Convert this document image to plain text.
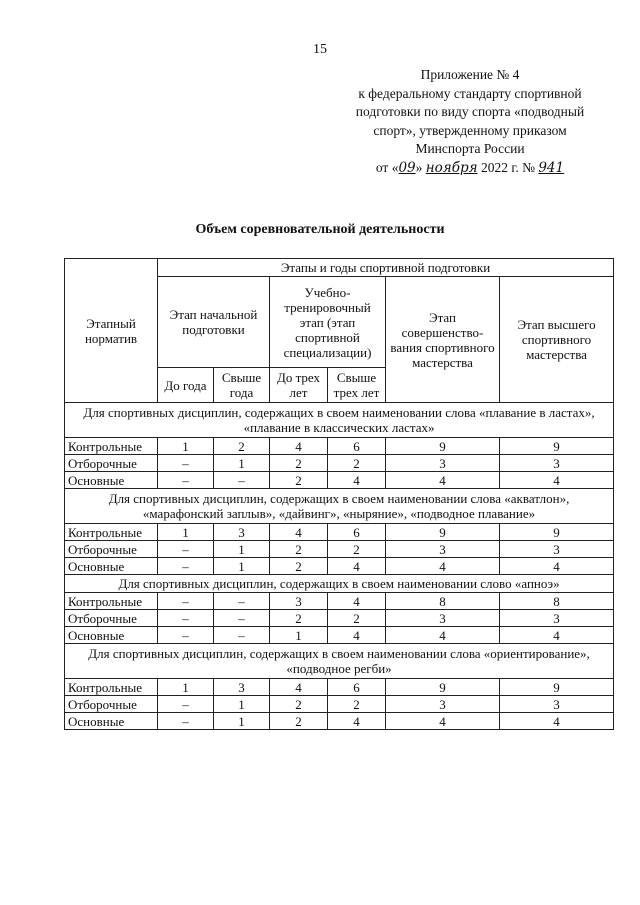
15
Приложение № 4
к федеральному стандарту спортивной
подготовки по виду спорта «подводный
спорт», утвержденному приказом
Минспорта России
от «09» ноября 2022 г. № 941
Объем соревновательной деятельности
Этапный норматив	Этапы и годы спортивной подготовки					
	Этап начальной подготовки		Учебно-тренировочный этап (этап спортивной специализации)		Этап совершенство-вания спортивного мастерства	Этап высшего спортивного мастерства
	До года	Свыше года	До трех лет	Свыше трех лет		
Для спортивных дисциплин, содержащих в своем наименовании слова «плавание в ластах», «плавание в классических ластах»						
Контрольные	1	2	4	6	9	9
Отборочные	–	1	2	2	3	3
Основные	–	–	2	4	4	4
Для спортивных дисциплин, содержащих в своем наименовании слова «акватлон», «марафонский заплыв», «дайвинг», «ныряние», «подводное плавание»						
Контрольные	1	3	4	6	9	9
Отборочные	–	1	2	2	3	3
Основные	–	1	2	4	4	4
Для спортивных дисциплин, содержащих в своем наименовании слово «апноэ»						
Контрольные	–	–	3	4	8	8
Отборочные	–	–	2	2	3	3
Основные	–	–	1	4	4	4
Для спортивных дисциплин, содержащих в своем наименовании слова «ориентирование», «подводное регби»						
Контрольные	1	3	4	6	9	9
Отборочные	–	1	2	2	3	3
Основные	–	1	2	4	4	4
